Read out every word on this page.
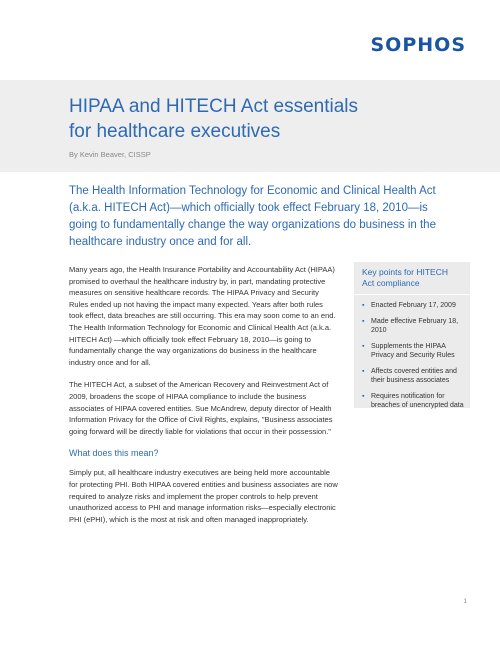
SOPHOS
HIPAA and HITECH Act essentials
for healthcare executives
By Kevin Beaver, CISSP

The Health Information Technology for Economic and Clinical Health Act (a.k.a. HITECH Act)—which officially took effect February 18, 2010—is going to fundamentally change the way organizations do business in the healthcare industry once and for all.

Many years ago, the Health Insurance Portability and Accountability Act (HIPAA) promised to overhaul the healthcare industry by, in part, mandating protective measures on sensitive healthcare records. The HIPAA Privacy and Security Rules ended up not having the impact many expected. Years after both rules took effect, data breaches are still occurring. This era may soon come to an end. The Health Information Technology for Economic and Clinical Health Act (a.k.a. HITECH Act) —which officially took effect February 18, 2010—is going to fundamentally change the way organizations do business in the healthcare industry once and for all.

The HITECH Act, a subset of the American Recovery and Reinvestment Act of 2009, broadens the scope of HIPAA compliance to include the business associates of HIPAA covered entities. Sue McAndrew, deputy director of Health Information Privacy for the Office of Civil Rights, explains, "Business associates going forward will be directly liable for violations that occur in their possession."

What does this mean?

Simply put, all healthcare industry executives are being held more accountable for protecting PHI. Both HIPAA covered entities and business associates are now required to analyze risks and implement the proper controls to help prevent unauthorized access to PHI and manage information risks—especially electronic PHI (ePHI), which is the most at risk and often managed inappropriately.

Key points for HITECH Act compliance
▪ Enacted February 17, 2009
▪ Made effective February 18, 2010
▪ Supplements the HIPAA Privacy and Security Rules
▪ Affects covered entities and their business associates
▪ Requires notification for breaches of unencrypted data
1
